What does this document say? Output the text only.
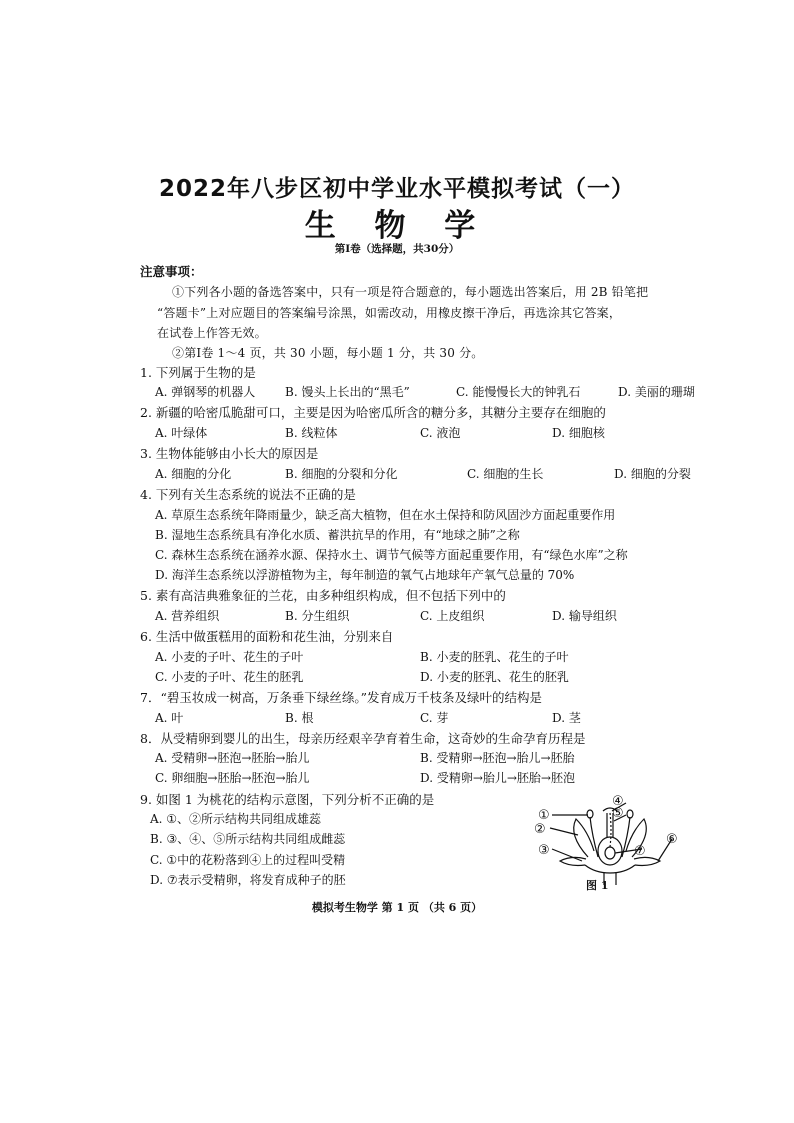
2022年八步区初中学业水平模拟考试（一）
生 物 学
第Ⅰ卷（选择题，共30分）
注意事项：
①下列各小题的备选答案中，只有一项是符合题意的，每小题选出答案后，用 2B 铅笔把
“答题卡”上对应题目的答案编号涂黑，如需改动，用橡皮擦干净后，再选涂其它答案，
在试卷上作答无效。
②第Ⅰ卷 1～4 页，共 30 小题，每小题 1 分，共 30 分。
1. 下列属于生物的是
A. 弹钢琴的机器人 B. 馒头上长出的“黑毛”	C. 能慢慢长大的钟乳石	D. 美丽的珊瑚
2. 新疆的哈密瓜脆甜可口，主要是因为哈密瓜所含的糖分多，其糖分主要存在细胞的
A. 叶绿体	B. 线粒体	C. 液泡	D. 细胞核
3. 生物体能够由小长大的原因是
A. 细胞的分化	B. 细胞的分裂和分化	C. 细胞的生长	D. 细胞的分裂
4. 下列有关生态系统的说法不正确的是
A. 草原生态系统年降雨量少，缺乏高大植物，但在水土保持和防风固沙方面起重要作用
B. 湿地生态系统具有净化水质、蓄洪抗旱的作用，有“地球之肺”之称
C. 森林生态系统在涵养水源、保持水土、调节气候等方面起重要作用，有“绿色水库”之称
D. 海洋生态系统以浮游植物为主，每年制造的氧气占地球年产氧气总量的 70%
5. 素有高洁典雅象征的兰花，由多种组织构成，但不包括下列中的
A. 营养组织	B. 分生组织	C. 上皮组织	D. 输导组织
6. 生活中做蛋糕用的面粉和花生油，分别来自
A. 小麦的子叶、花生的子叶	B. 小麦的胚乳、花生的子叶
C. 小麦的子叶、花生的胚乳	D. 小麦的胚乳、花生的胚乳
7．“碧玉妆成一树高，万条垂下绿丝绦。”发育成万千枝条及绿叶的结构是
A. 叶	B. 根	C. 芽	D. 茎
8．从受精卵到婴儿的出生，母亲历经艰辛孕育着生命，这奇妙的生命孕育历程是
A. 受精卵→胚泡→胚胎→胎儿	B. 受精卵→胚泡→胎儿→胚胎
C. 卵细胞→胚胎→胚泡→胎儿	D. 受精卵→胎儿→胚胎→胚泡
9. 如图 1 为桃花的结构示意图，下列分析不正确的是
A. ①、②所示结构共同组成雄蕊
B. ③、④、⑤所示结构共同组成雌蕊
C. ①中的花粉落到④上的过程叫受精
D. ⑦表示受精卵，将发育成种子的胚
①
②
③
④
⑤
⑥
⑦
图 1
模拟考生物学 第 1 页 （共 6 页）
